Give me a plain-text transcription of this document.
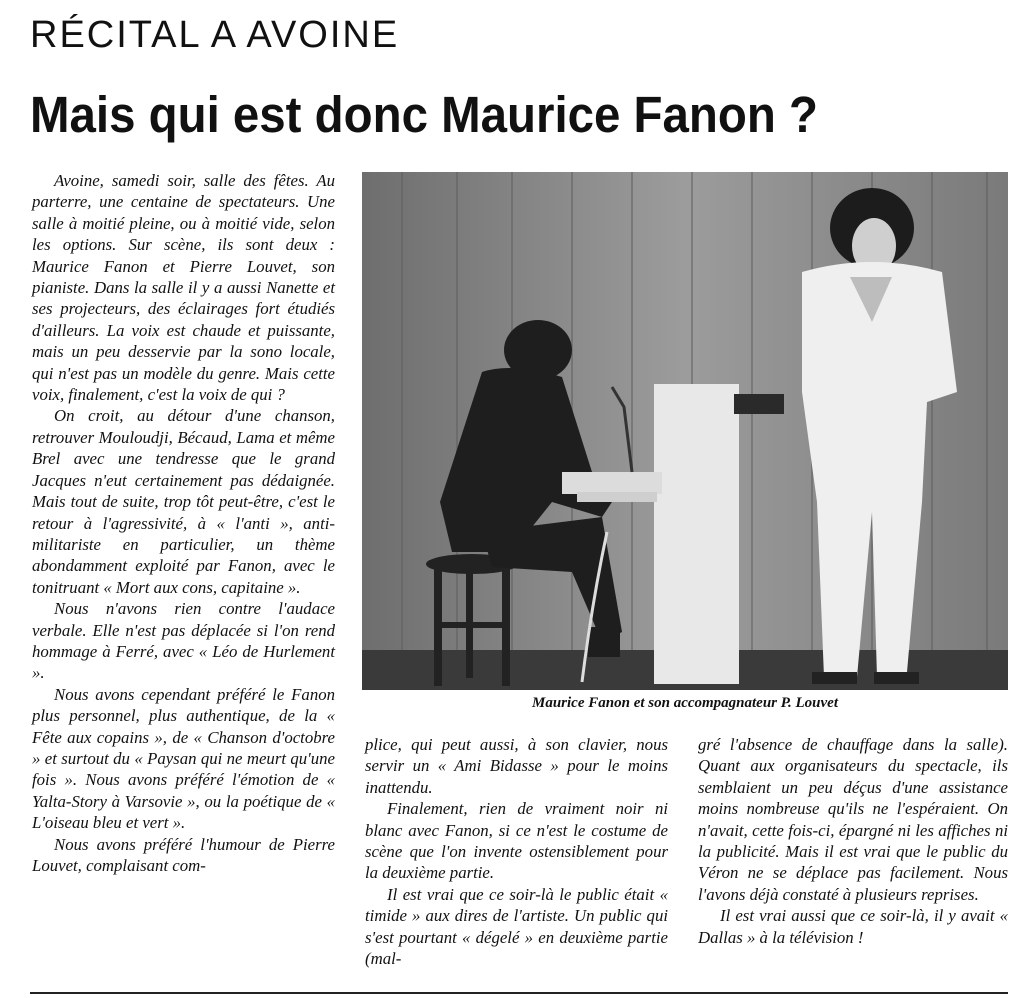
RÉCITAL A AVOINE
Mais qui est donc Maurice Fanon ?

Avoine, samedi soir, salle des fêtes. Au parterre, une centaine de spectateurs. Une salle à moitié pleine, ou à moitié vide, selon les options. Sur scène, ils sont deux : Maurice Fanon et Pierre Louvet, son pianiste. Dans la salle il y a aussi Nanette et ses projecteurs, des éclairages fort étudiés d'ailleurs. La voix est chaude et puissante, mais un peu desservie par la sono locale, qui n'est pas un modèle du genre. Mais cette voix, finalement, c'est la voix de qui ?

On croit, au détour d'une chanson, retrouver Mouloudji, Bécaud, Lama et même Brel avec une tendresse que le grand Jacques n'eut certainement pas dédaignée. Mais tout de suite, trop tôt peut-être, c'est le retour à l'agressivité, à « l'anti », anti-militariste en particulier, un thème abondamment exploité par Fanon, avec le tonitruant « Mort aux cons, capitaine ».

Nous n'avons rien contre l'audace verbale. Elle n'est pas déplacée si l'on rend hommage à Ferré, avec « Léo de Hurlement ».

Nous avons cependant préféré le Fanon plus personnel, plus authentique, de la « Fête aux copains », de « Chanson d'octobre » et surtout du « Paysan qui ne meurt qu'une fois ». Nous avons préféré l'émotion de « Yalta-Story à Varsovie », ou la poétique de « L'oiseau bleu et vert ».

Nous avons préféré l'humour de Pierre Louvet, complaisant com-

Maurice Fanon et son accompagnateur P. Louvet

plice, qui peut aussi, à son clavier, nous servir un « Ami Bidasse » pour le moins inattendu.

Finalement, rien de vraiment noir ni blanc avec Fanon, si ce n'est le costume de scène que l'on invente ostensiblement pour la deuxième partie.

Il est vrai que ce soir-là le public était « timide » aux dires de l'artiste. Un public qui s'est pourtant « dégelé » en deuxième partie (mal-

gré l'absence de chauffage dans la salle). Quant aux organisateurs du spectacle, ils semblaient un peu déçus d'une assistance moins nombreuse qu'ils ne l'espéraient. On n'avait, cette fois-ci, épargné ni les affiches ni la publicité. Mais il est vrai que le public du Véron ne se déplace pas facilement. Nous l'avons déjà constaté à plusieurs reprises.

Il est vrai aussi que ce soir-là, il y avait « Dallas » à la télévision !
